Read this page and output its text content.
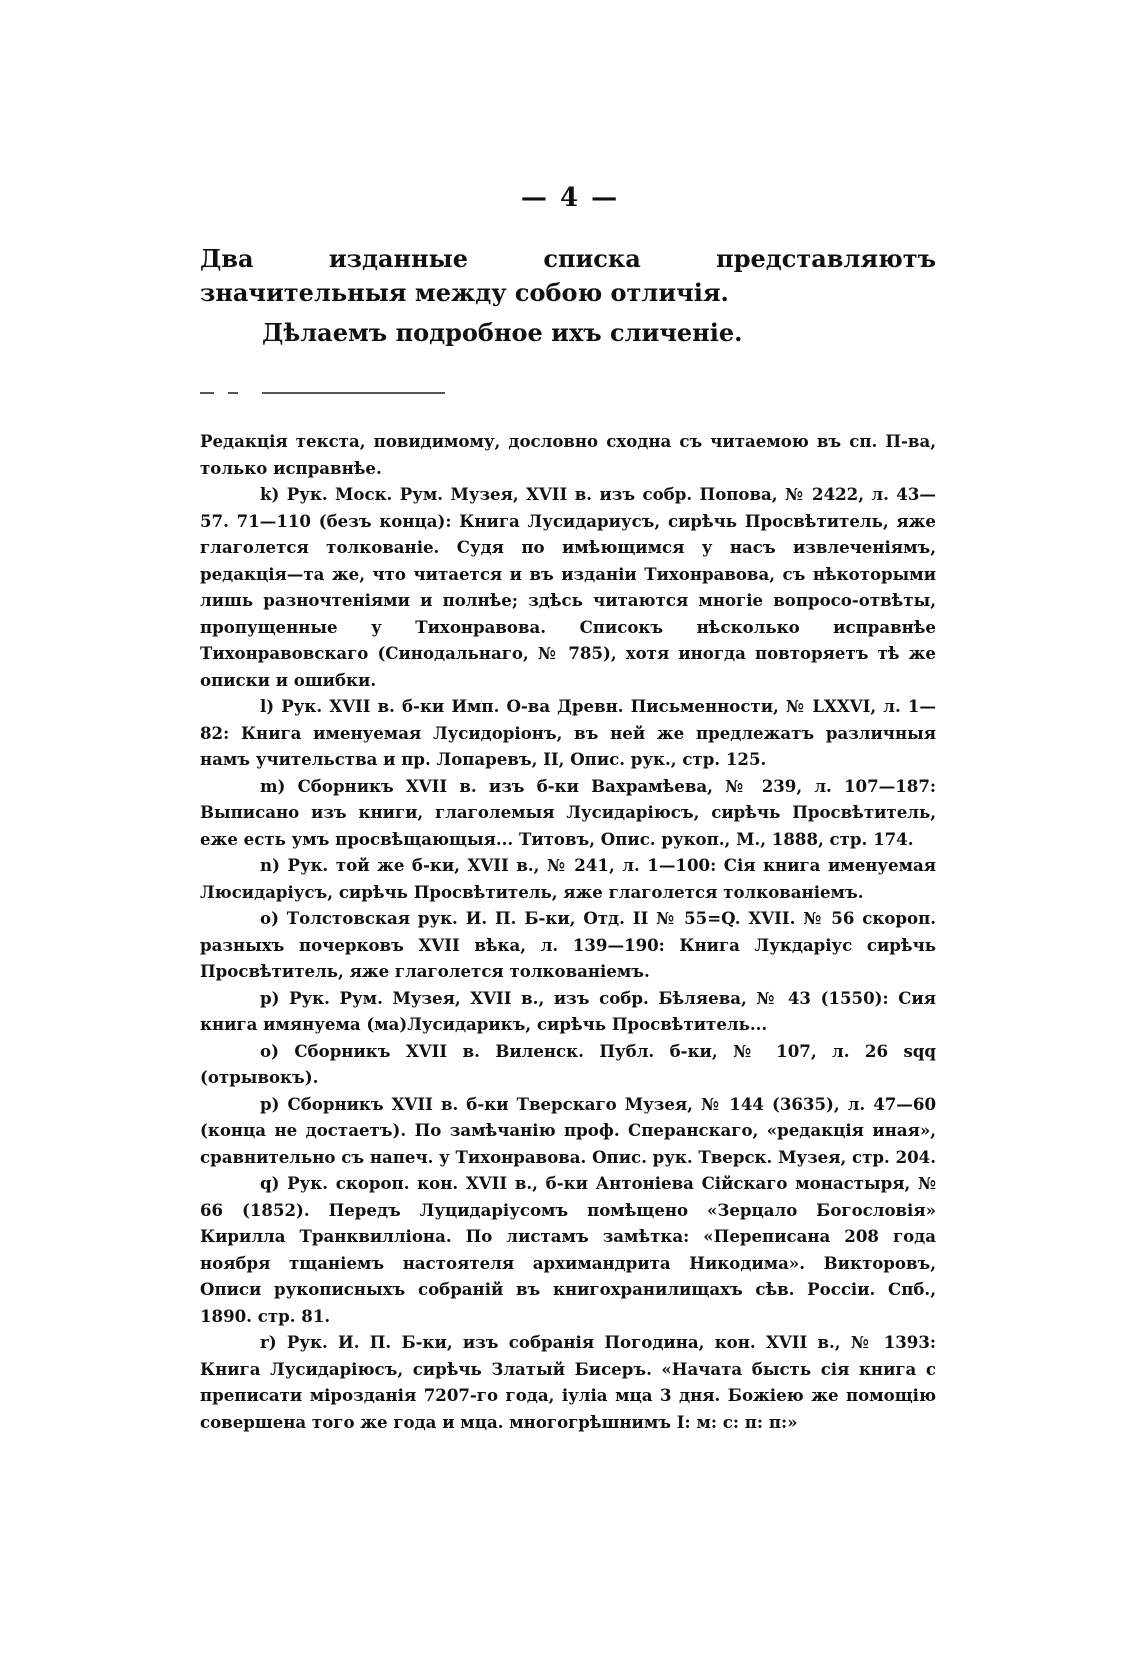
— 4 —

Два изданные списка представляютъ значительныя между собою отличія.

Дѣлаемъ подробное ихъ сличеніе.

Редакція текста, повидимому, дословно сходна съ читаемою въ сп. П-ва, только исправнѣе.

k) Рук. Моск. Рум. Музея, XVII в. изъ собр. Попова, № 2422, л. 43—57. 71—110 (безъ конца): Книга Лусидариусъ, сирѣчь Просвѣтитель, яже глаголется толкованіе. Судя по имѣющимся у насъ извлеченіямъ, редакція—та же, что читается и въ изданіи Тихонравова, съ нѣкоторыми лишь разночтеніями и полнѣе; здѣсь читаются многіе вопросо-отвѣты, пропущенные у Тихонравова. Списокъ нѣсколько исправнѣе Тихонравовскаго (Синодальнаго, № 785), хотя иногда повторяетъ тѣ же описки и ошибки.

l) Рук. XVII в. б-ки Имп. О-ва Древн. Письменности, № LXXVI, л. 1—82: Книга именуемая Лусидоріонъ, въ ней же предлежатъ различныя намъ учительства и пр. Лопаревъ, II, Опис. рук., стр. 125.

m) Сборникъ XVII в. изъ б-ки Вахрамѣева, № 239, л. 107—187: Выписано изъ книги, глаголемыя Лусидаріюсъ, сирѣчь Просвѣтитель, еже есть умъ просвѣщающыя... Титовъ, Опис. рукоп., М., 1888, стр. 174.

n) Рук. той же б-ки, XVII в., № 241, л. 1—100: Сія книга именуемая Люсидаріусъ, сирѣчь Просвѣтитель, яже глаголется толкованіемъ.

o) Толстовская рук. И. П. Б-ки, Отд. II № 55=Q. XVII. № 56 скороп. разныхъ почерковъ XVII вѣка, л. 139—190: Книга Лукдаріус сирѣчь Просвѣтитель, яже глаголется толкованіемъ.

p) Рук. Рум. Музея, XVII в., изъ собр. Бѣляева, № 43 (1550): Сия книга имянуема (ма)Лусидарикъ, сирѣчь Просвѣтитель...

o) Сборникъ XVII в. Виленск. Публ. б-ки, № 107, л. 26 sqq (отрывокъ).

p) Сборникъ XVII в. б-ки Тверскаго Музея, № 144 (3635), л. 47—60 (конца не достаетъ). По замѣчанію проф. Сперанскаго, «редакція иная», сравнительно съ напеч. у Тихонравова. Опис. рук. Тверск. Музея, стр. 204.

q) Рук. скороп. кон. XVII в., б-ки Антоніева Сійскаго монастыря, № 66 (1852). Передъ Луцидаріусомъ помѣщено «Зерцало Богословія» Кирилла Транквилліона. По листамъ замѣтка: «Переписана 208 года ноября тщаніемъ настоятеля архимандрита Никодима». Викторовъ, Описи рукописныхъ собраній въ книгохранилищахъ сѣв. Россіи. Спб., 1890. стр. 81.

r) Рук. И. П. Б-ки, изъ собранія Погодина, кон. XVII в., № 1393: Книга Лусидаріюсъ, сирѣчь Златый Бисеръ. «Начата бысть сія книга с преписати мірозданія 7207-го года, іуліа мца 3 дня. Божіею же помощію совершена того же года и мца. многогрѣшнимъ І: м: с: п: п:»
